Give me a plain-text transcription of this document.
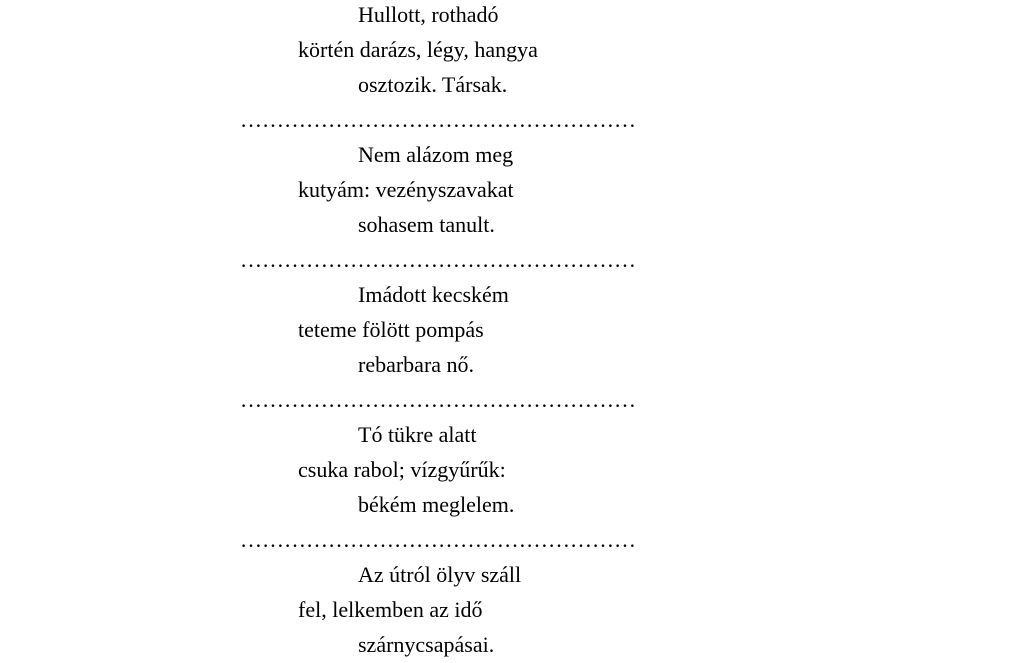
Hullott, rothadó
körtén darázs, légy, hangya
osztozik. Társak.
………………………………………………
Nem alázom meg
kutyám: vezényszavakat
sohasem tanult.
………………………………………………
Imádott kecském
teteme fölött pompás
rebarbara nő.
………………………………………………
Tó tükre alatt
csuka rabol; vízgyűrűk:
békém meglelem.
………………………………………………
Az útról ölyv száll
fel, lelkemben az idő
szárnycsapásai.
